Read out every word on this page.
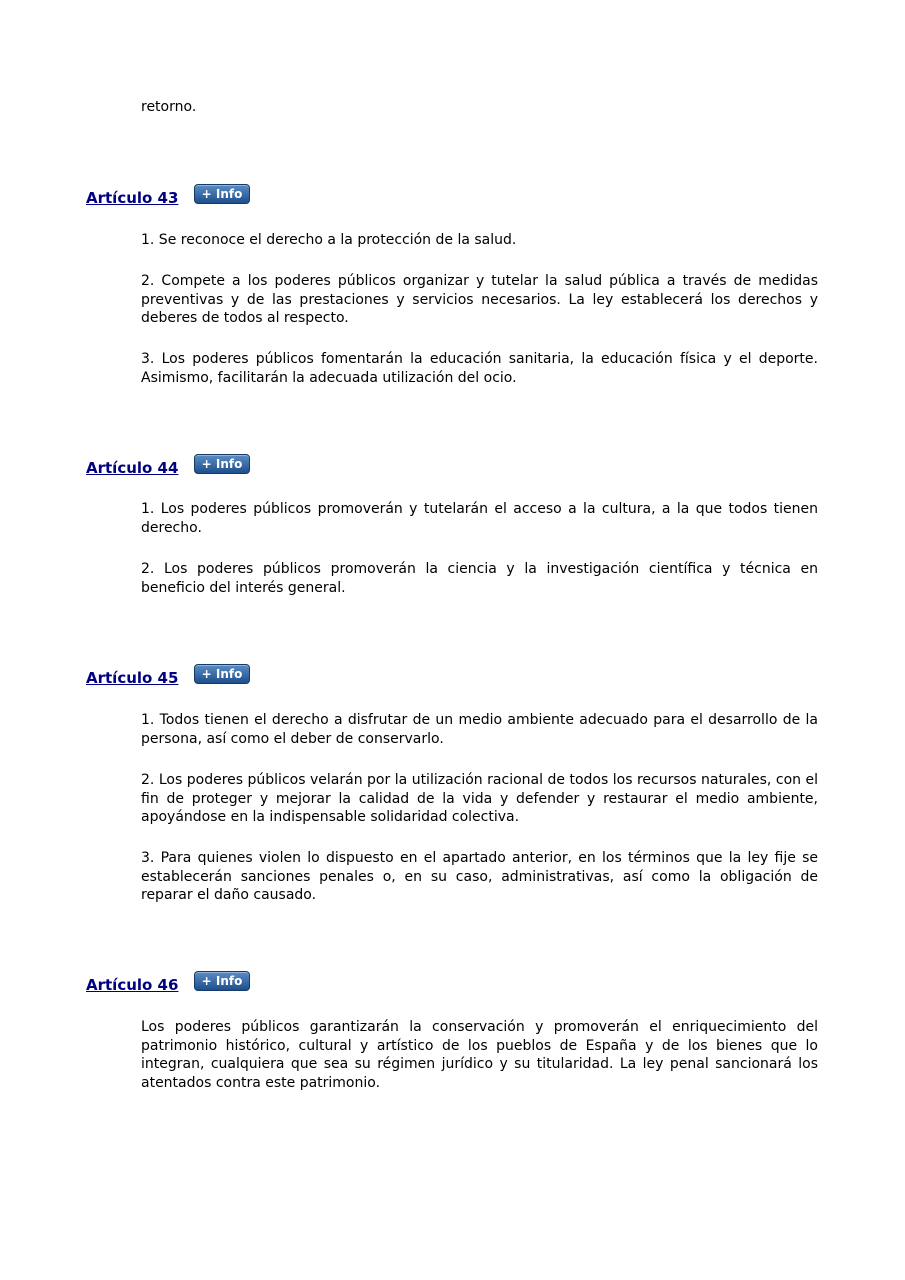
retorno.

Artículo 43	+ Info

1. Se reconoce el derecho a la protección de la salud.

2. Compete a los poderes públicos organizar y tutelar la salud pública a través de medidas preventivas y de las prestaciones y servicios necesarios. La ley establecerá los derechos y deberes de todos al respecto.

3. Los poderes públicos fomentarán la educación sanitaria, la educación física y el deporte. Asimismo, facilitarán la adecuada utilización del ocio.

Artículo 44	+ Info

1. Los poderes públicos promoverán y tutelarán el acceso a la cultura, a la que todos tienen derecho.

2. Los poderes públicos promoverán la ciencia y la investigación científica y técnica en beneficio del interés general.

Artículo 45	+ Info

1. Todos tienen el derecho a disfrutar de un medio ambiente adecuado para el desarrollo de la persona, así como el deber de conservarlo.

2. Los poderes públicos velarán por la utilización racional de todos los recursos naturales, con el fin de proteger y mejorar la calidad de la vida y defender y restaurar el medio ambiente, apoyándose en la indispensable solidaridad colectiva.

3. Para quienes violen lo dispuesto en el apartado anterior, en los términos que la ley fije se establecerán sanciones penales o, en su caso, administrativas, así como la obligación de reparar el daño causado.

Artículo 46	+ Info

Los poderes públicos garantizarán la conservación y promoverán el enriquecimiento del patrimonio histórico, cultural y artístico de los pueblos de España y de los bienes que lo integran, cualquiera que sea su régimen jurídico y su titularidad. La ley penal sancionará los atentados contra este patrimonio.
